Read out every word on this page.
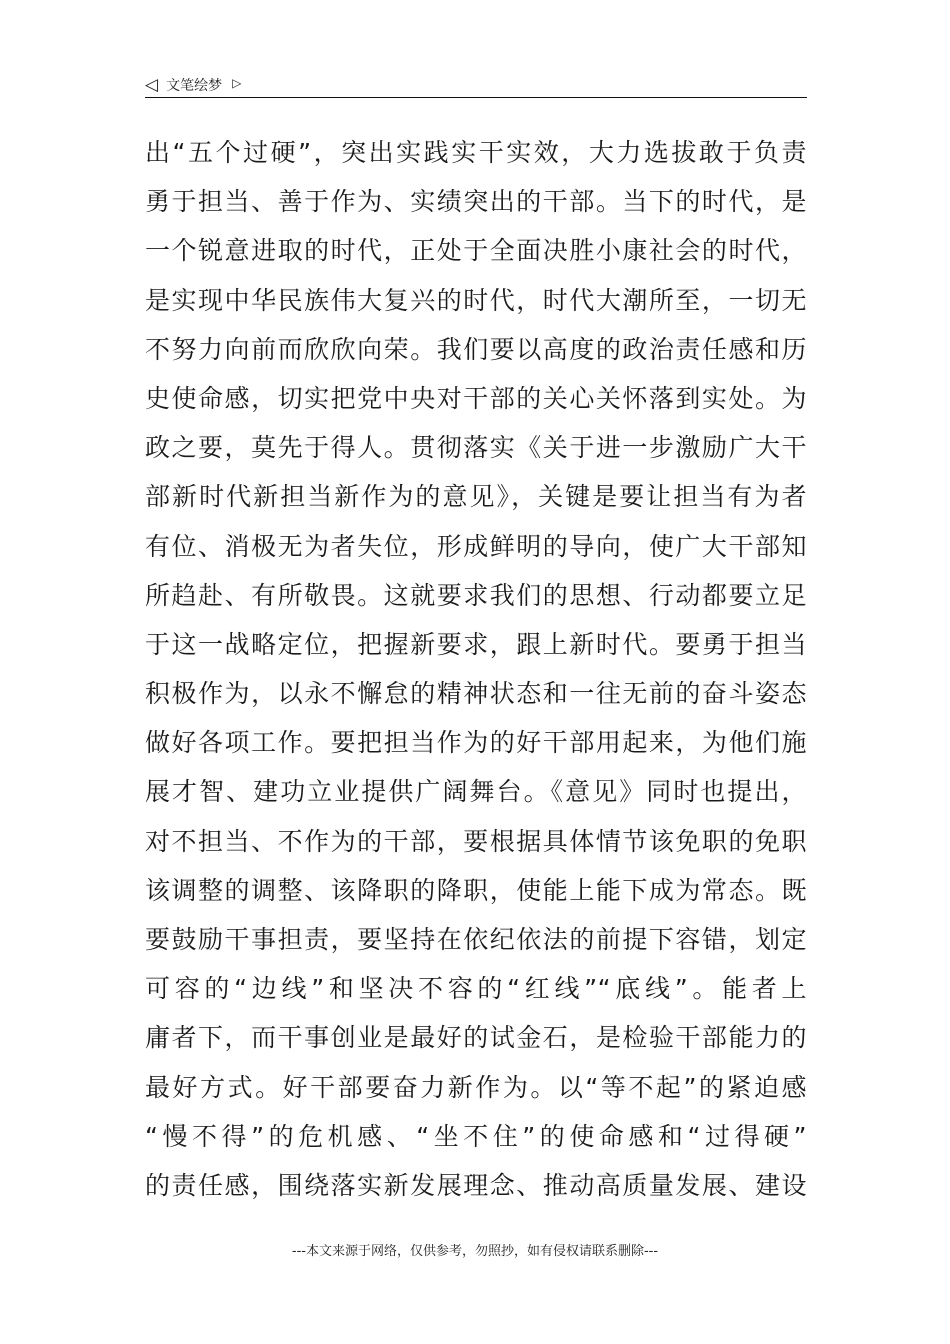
◁ 文笔绘梦 ▷
出“五个过硬”，突出实践实干实效，大力选拔敢于负责
勇于担当、善于作为、实绩突出的干部。当下的时代，是
一个锐意进取的时代，正处于全面决胜小康社会的时代，
是实现中华民族伟大复兴的时代，时代大潮所至，一切无
不努力向前而欣欣向荣。我们要以高度的政治责任感和历
史使命感，切实把党中央对干部的关心关怀落到实处。为
政之要，莫先于得人。贯彻落实《关于进一步激励广大干
部新时代新担当新作为的意见》，关键是要让担当有为者
有位、消极无为者失位，形成鲜明的导向，使广大干部知
所趋赴、有所敬畏。这就要求我们的思想、行动都要立足
于这一战略定位，把握新要求，跟上新时代。要勇于担当
积极作为，以永不懈怠的精神状态和一往无前的奋斗姿态
做好各项工作。要把担当作为的好干部用起来，为他们施
展才智、建功立业提供广阔舞台。《意见》同时也提出，
对不担当、不作为的干部，要根据具体情节该免职的免职
该调整的调整、该降职的降职，使能上能下成为常态。既
要鼓励干事担责，要坚持在依纪依法的前提下容错，划定
可容的“边线”和坚决不容的“红线”“底线”。能者上
庸者下，而干事创业是最好的试金石，是检验干部能力的
最好方式。好干部要奋力新作为。以“等不起”的紧迫感
“慢不得”的危机感、“坐不住”的使命感和“过得硬”
的责任感，围绕落实新发展理念、推动高质量发展、建设
---本文来源于网络，仅供参考，勿照抄，如有侵权请联系删除---
